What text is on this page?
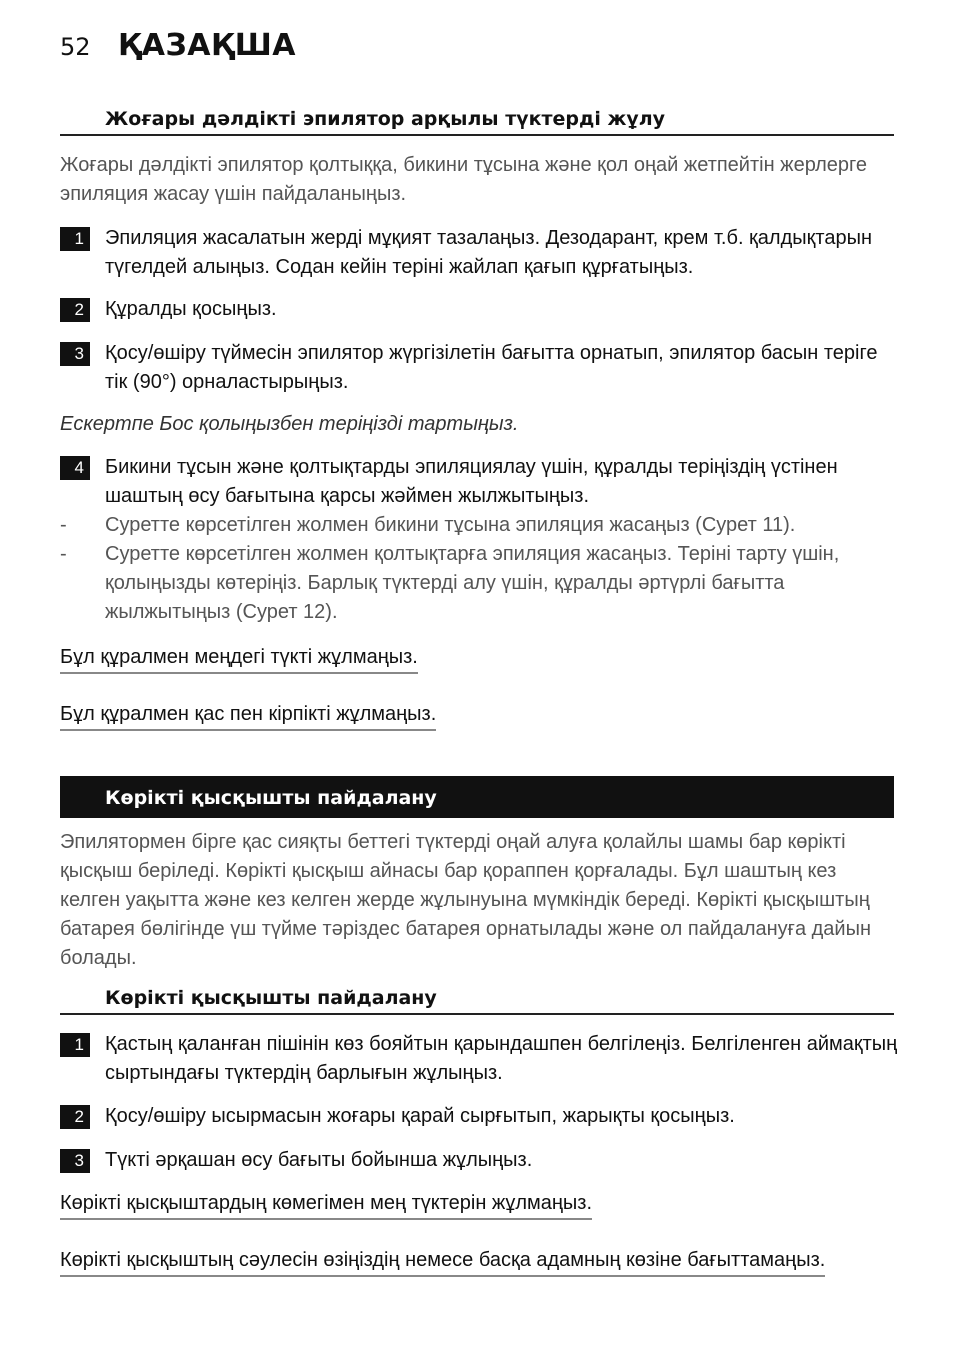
52 ҚАЗАҚША
Жоғары дәлдікті эпилятор арқылы түктерді жұлу
Жоғары дәлдікті эпилятор қолтыққа, бикини тұсына және қол оңай жетпейтін жерлерге эпиляция жасау үшін пайдаланыңыз.
1	Эпиляция жасалатын жерді мұқият тазалаңыз. Дезодарант, крем т.б. қалдықтарын түгелдей алыңыз. Содан кейін теріні жайлап қағып құрғатыңыз.
2	Құралды қосыңыз.
3	Қосу/өшіру түймесін эпилятор жүргізілетін бағытта орнатып, эпилятор басын теріге тік (90°) орналастырыңыз.
Ескертпе Бос қолыңызбен теріңізді тартыңыз.
4	Бикини тұсын және қолтықтарды эпиляциялау үшін, құралды теріңіздің үстінен шаштың өсу бағытына қарсы жәймен жылжытыңыз.
-	Суретте көрсетілген жолмен бикини тұсына эпиляция жасаңыз (Сурет 11).
-	Суретте көрсетілген жолмен қолтықтарға эпиляция жасаңыз. Теріні тарту үшін, қолыңызды көтеріңіз. Барлық түктерді алу үшін, құралды әртүрлі бағытта жылжытыңыз (Сурет 12).
Бұл құралмен меңдегі түкті жұлмаңыз.
Бұл құралмен қас пен кірпікті жұлмаңыз.
Көрікті қысқышты пайдалану
Эпилятормен бірге қас сияқты беттегі түктерді оңай алуға қолайлы шамы бар көрікті қысқыш беріледі. Көрікті қысқыш айнасы бар қораппен қорғалады. Бұл шаштың кез келген уақытта және кез келген жерде жұлынуына мүмкіндік береді. Көрікті қысқыштың батарея бөлігінде үш түйме тәріздес батарея орнатылады және ол пайдалануға дайын болады.
Көрікті қысқышты пайдалану
1	Қастың қаланған пішінін көз бояйтын қарындашпен белгілеңіз. Белгіленген аймақтың сыртындағы түктердің барлығын жұлыңыз.
2	Қосу/өшіру ысырмасын жоғары қарай сырғытып, жарықты қосыңыз.
3	Түкті әрқашан өсу бағыты бойынша жұлыңыз.
Көрікті қысқыштардың көмегімен мең түктерін жұлмаңыз.
Көрікті қысқыштың сәулесін өзіңіздің немесе басқа адамның көзіне бағыттамаңыз.
